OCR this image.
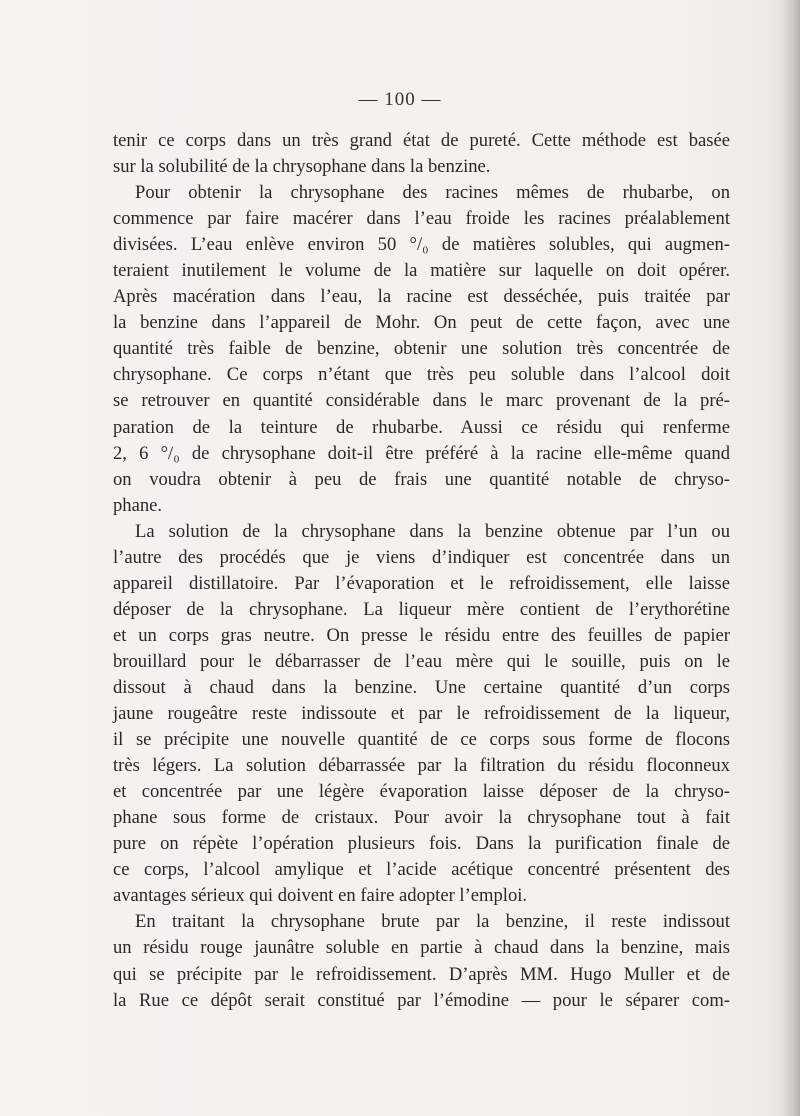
— 100 —

tenir ce corps dans un très grand état de pureté. Cette méthode est basée
sur la solubilité de la chrysophane dans la benzine.

Pour obtenir la chrysophane des racines mêmes de rhubarbe, on
commence par faire macérer dans l’eau froide les racines préalablement
divisées. L’eau enlève environ 50 °/₀ de matières solubles, qui augmen-
teraient inutilement le volume de la matière sur laquelle on doit opérer.
Après macération dans l’eau, la racine est desséchée, puis traitée par
la benzine dans l’appareil de Mohr. On peut de cette façon, avec une
quantité très faible de benzine, obtenir une solution très concentrée de
chrysophane. Ce corps n’étant que très peu soluble dans l’alcool doit
se retrouver en quantité considérable dans le marc provenant de la pré-
paration de la teinture de rhubarbe. Aussi ce résidu qui renferme
2, 6 °/₀ de chrysophane doit-il être préféré à la racine elle-même quand
on voudra obtenir à peu de frais une quantité notable de chryso-
phane.

La solution de la chrysophane dans la benzine obtenue par l’un ou
l’autre des procédés que je viens d’indiquer est concentrée dans un
appareil distillatoire. Par l’évaporation et le refroidissement, elle laisse
déposer de la chrysophane. La liqueur mère contient de l’erythorétine
et un corps gras neutre. On presse le résidu entre des feuilles de papier
brouillard pour le débarrasser de l’eau mère qui le souille, puis on le
dissout à chaud dans la benzine. Une certaine quantité d’un corps
jaune rougeâtre reste indissoute et par le refroidissement de la liqueur,
il se précipite une nouvelle quantité de ce corps sous forme de flocons
très légers. La solution débarrassée par la filtration du résidu floconneux
et concentrée par une légère évaporation laisse déposer de la chryso-
phane sous forme de cristaux. Pour avoir la chrysophane tout à fait
pure on répète l’opération plusieurs fois. Dans la purification finale de
ce corps, l’alcool amylique et l’acide acétique concentré présentent des
avantages sérieux qui doivent en faire adopter l’emploi.

En traitant la chrysophane brute par la benzine, il reste indissout
un résidu rouge jaunâtre soluble en partie à chaud dans la benzine, mais
qui se précipite par le refroidissement. D’après MM. Hugo Muller et de
la Rue ce dépôt serait constitué par l’émodine — pour le séparer com-
